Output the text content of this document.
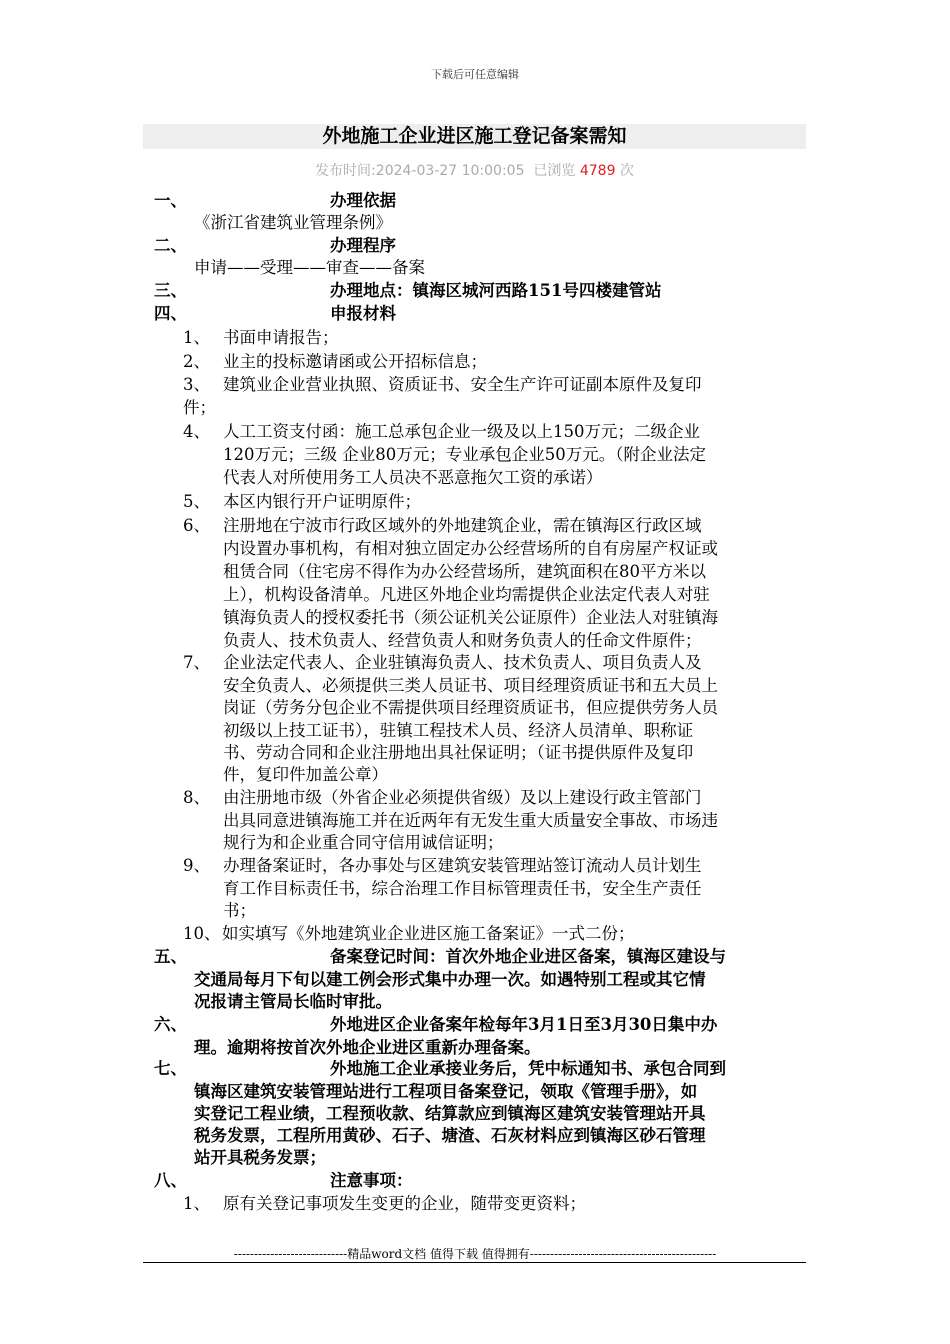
下载后可任意编辑
外地施工企业进区施工登记备案需知
发布时间:2024-03-27 10:00:05 已浏览 4789 次
一、	办理依据
《浙江省建筑业管理条例》
二、	办理程序
申请——受理——审查——备案
三、	办理地点：镇海区城河西路151号四楼建管站
四、	申报材料
1、 书面申请报告；
2、 业主的投标邀请函或公开招标信息；
3、 建筑业企业营业执照、资质证书、安全生产许可证副本原件及复印
件；
4、 人工工资支付函：施工总承包企业一级及以上150万元；二级企业
120万元；三级 企业80万元；专业承包企业50万元。（附企业法定
代表人对所使用务工人员决不恶意拖欠工资的承诺）
5、 本区内银行开户证明原件；
6、 注册地在宁波市行政区域外的外地建筑企业，需在镇海区行政区域
内设置办事机构，有相对独立固定办公经营场所的自有房屋产权证或
租赁合同（住宅房不得作为办公经营场所，建筑面积在80平方米以
上），机构设备清单。凡进区外地企业均需提供企业法定代表人对驻
镇海负责人的授权委托书（须公证机关公证原件）企业法人对驻镇海
负责人、技术负责人、经营负责人和财务负责人的任命文件原件；
7、 企业法定代表人、企业驻镇海负责人、技术负责人、项目负责人及
安全负责人、必须提供三类人员证书、项目经理资质证书和五大员上
岗证（劳务分包企业不需提供项目经理资质证书，但应提供劳务人员
初级以上技工证书），驻镇工程技术人员、经济人员清单、职称证
书、劳动合同和企业注册地出具社保证明；（证书提供原件及复印
件，复印件加盖公章）
8、 由注册地市级（外省企业必须提供省级）及以上建设行政主管部门
出具同意进镇海施工并在近两年有无发生重大质量安全事故、市场违
规行为和企业重合同守信用诚信证明；
9、 办理备案证时，各办事处与区建筑安装管理站签订流动人员计划生
育工作目标责任书，综合治理工作目标管理责任书，安全生产责任
书；
10、 如实填写《外地建筑业企业进区施工备案证》一式二份；
五、	备案登记时间：首次外地企业进区备案，镇海区建设与
交通局每月下旬以建工例会形式集中办理一次。如遇特别工程或其它情
况报请主管局长临时审批。
六、	外地进区企业备案年检每年3月1日至3月30日集中办
理。逾期将按首次外地企业进区重新办理备案。
七、	外地施工企业承接业务后，凭中标通知书、承包合同到
镇海区建筑安装管理站进行工程项目备案登记，领取《管理手册》，如
实登记工程业绩，工程预收款、结算款应到镇海区建筑安装管理站开具
税务发票，工程所用黄砂、石子、塘渣、石灰材料应到镇海区砂石管理
站开具税务发票；
八、	注意事项：
1、 原有关登记事项发生变更的企业，随带变更资料；
----------------------------精品word文档 值得下载 值得拥有----------------------------------------------
